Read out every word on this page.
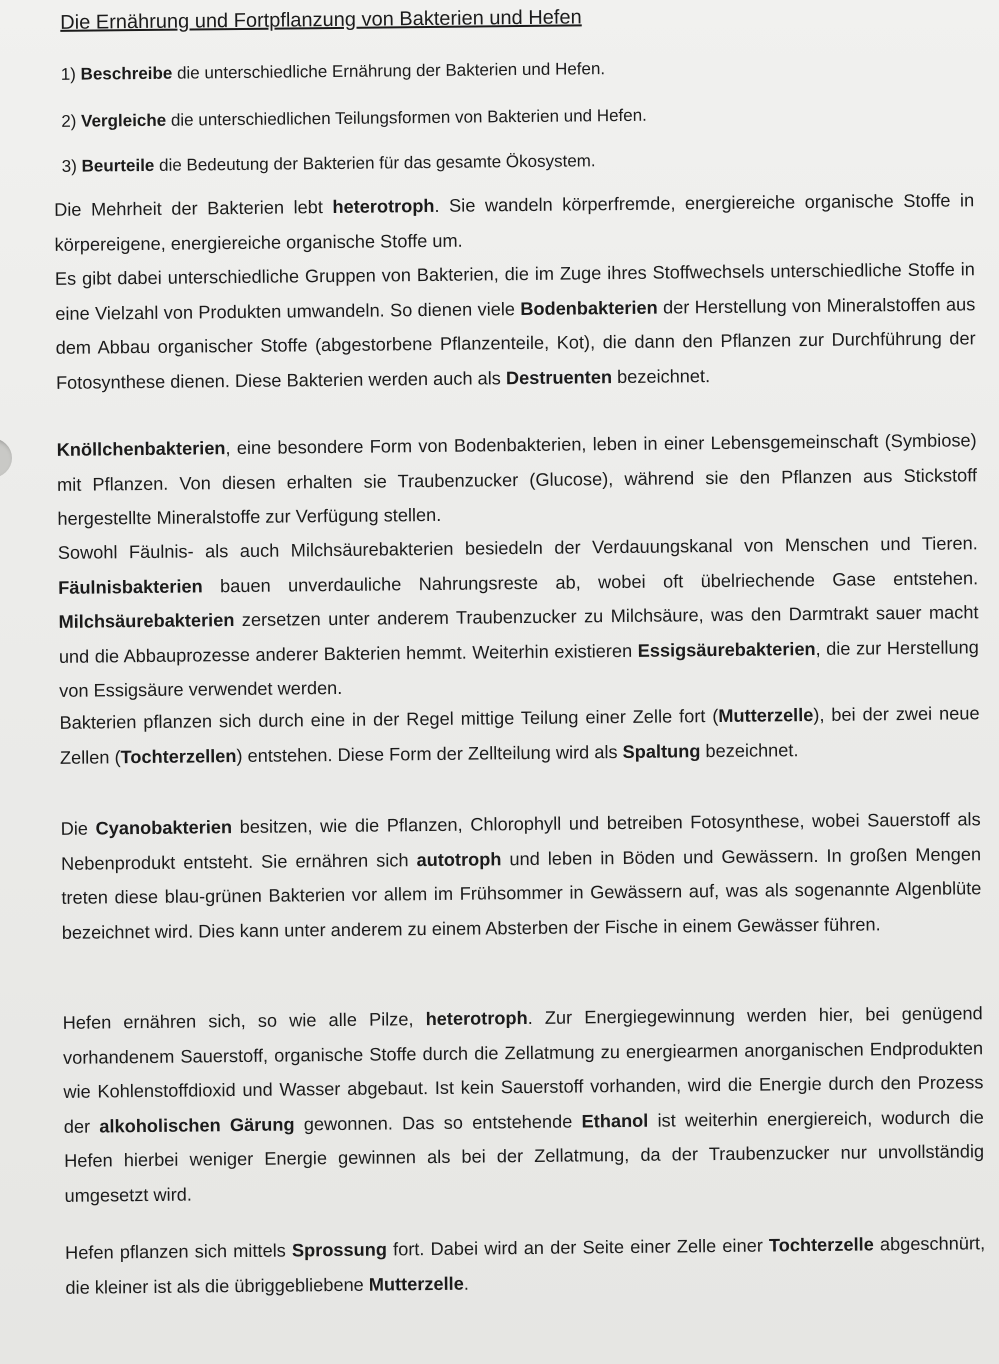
Die Ernährung und Fortpflanzung von Bakterien und Hefen

1) Beschreibe die unterschiedliche Ernährung der Bakterien und Hefen.

2) Vergleiche die unterschiedlichen Teilungsformen von Bakterien und Hefen.

3) Beurteile die Bedeutung der Bakterien für das gesamte Ökosystem.

Die Mehrheit der Bakterien lebt heterotroph. Sie wandeln körperfremde, energiereiche organische Stoffe in körpereigene, energiereiche organische Stoffe um.

Es gibt dabei unterschiedliche Gruppen von Bakterien, die im Zuge ihres Stoffwechsels unterschiedliche Stoffe in eine Vielzahl von Produkten umwandeln. So dienen viele Bodenbakterien der Herstellung von Mineralstoffen aus dem Abbau organischer Stoffe (abgestorbene Pflanzenteile, Kot), die dann den Pflanzen zur Durchführung der Fotosynthese dienen. Diese Bakterien werden auch als Destruenten bezeichnet.

Knöllchenbakterien, eine besondere Form von Bodenbakterien, leben in einer Lebensgemeinschaft (Symbiose) mit Pflanzen. Von diesen erhalten sie Traubenzucker (Glucose), während sie den Pflanzen aus Stickstoff hergestellte Mineralstoffe zur Verfügung stellen.

Sowohl Fäulnis- als auch Milchsäurebakterien besiedeln der Verdauungskanal von Menschen und Tieren. Fäulnisbakterien bauen unverdauliche Nahrungsreste ab, wobei oft übelriechende Gase entstehen. Milchsäurebakterien zersetzen unter anderem Traubenzucker zu Milchsäure, was den Darmtrakt sauer macht und die Abbauprozesse anderer Bakterien hemmt. Weiterhin existieren Essigsäurebakterien, die zur Herstellung von Essigsäure verwendet werden.

Bakterien pflanzen sich durch eine in der Regel mittige Teilung einer Zelle fort (Mutterzelle), bei der zwei neue Zellen (Tochterzellen) entstehen. Diese Form der Zellteilung wird als Spaltung bezeichnet.

Die Cyanobakterien besitzen, wie die Pflanzen, Chlorophyll und betreiben Fotosynthese, wobei Sauerstoff als Nebenprodukt entsteht. Sie ernähren sich autotroph und leben in Böden und Gewässern. In großen Mengen treten diese blau-grünen Bakterien vor allem im Frühsommer in Gewässern auf, was als sogenannte Algenblüte bezeichnet wird. Dies kann unter anderem zu einem Absterben der Fische in einem Gewässer führen.

Hefen ernähren sich, so wie alle Pilze, heterotroph. Zur Energiegewinnung werden hier, bei genügend vorhandenem Sauerstoff, organische Stoffe durch die Zellatmung zu energiearmen anorganischen Endprodukten wie Kohlenstoffdioxid und Wasser abgebaut. Ist kein Sauerstoff vorhanden, wird die Energie durch den Prozess der alkoholischen Gärung gewonnen. Das so entstehende Ethanol ist weiterhin energiereich, wodurch die Hefen hierbei weniger Energie gewinnen als bei der Zellatmung, da der Traubenzucker nur unvollständig umgesetzt wird.

Hefen pflanzen sich mittels Sprossung fort. Dabei wird an der Seite einer Zelle einer Tochterzelle abgeschnürt, die kleiner ist als die übriggebliebene Mutterzelle.
